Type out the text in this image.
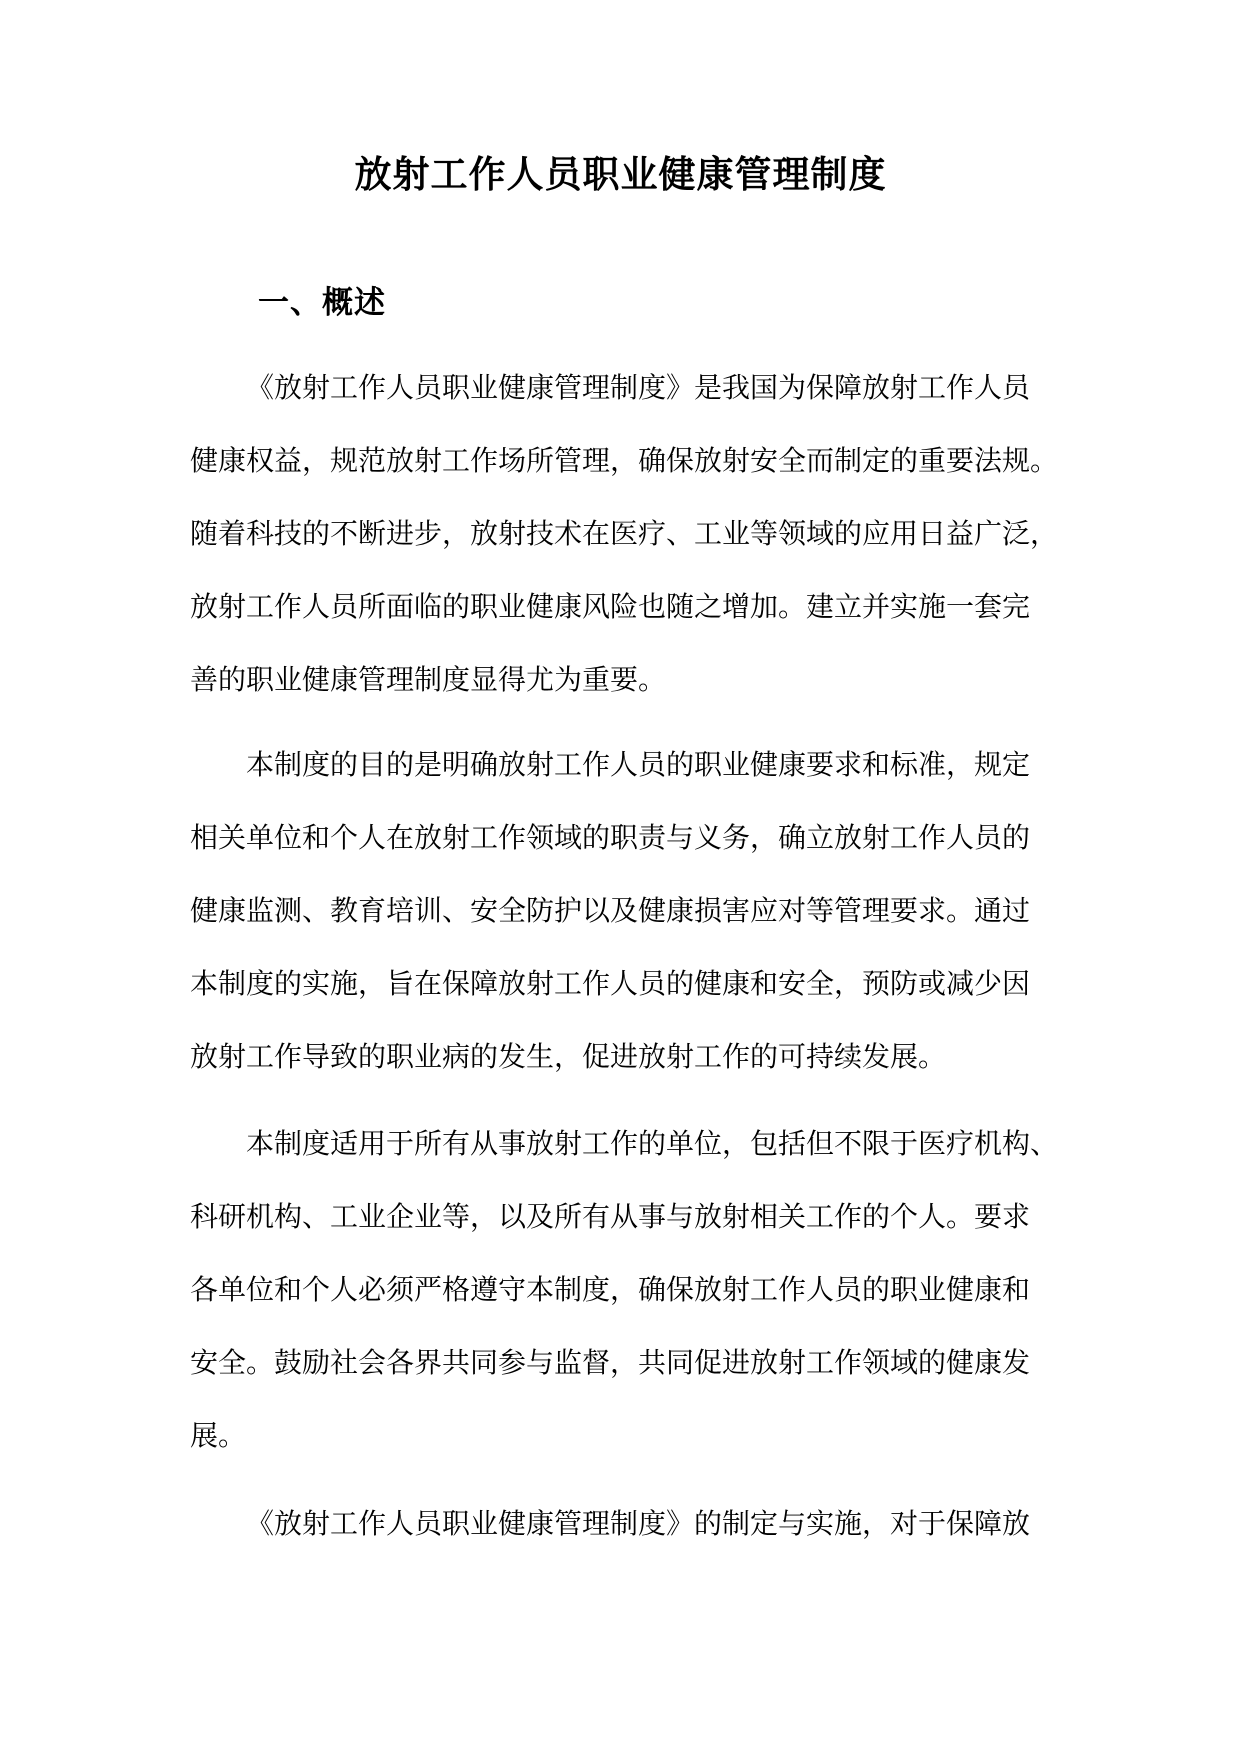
放射工作人员职业健康管理制度
一、概述
《放射工作人员职业健康管理制度》是我国为保障放射工作人员
健康权益，规范放射工作场所管理，确保放射安全而制定的重要法规。
随着科技的不断进步，放射技术在医疗、工业等领域的应用日益广泛，
放射工作人员所面临的职业健康风险也随之增加。建立并实施一套完
善的职业健康管理制度显得尤为重要。
本制度的目的是明确放射工作人员的职业健康要求和标准，规定
相关单位和个人在放射工作领域的职责与义务，确立放射工作人员的
健康监测、教育培训、安全防护以及健康损害应对等管理要求。通过
本制度的实施，旨在保障放射工作人员的健康和安全，预防或减少因
放射工作导致的职业病的发生，促进放射工作的可持续发展。
本制度适用于所有从事放射工作的单位，包括但不限于医疗机构、
科研机构、工业企业等，以及所有从事与放射相关工作的个人。要求
各单位和个人必须严格遵守本制度，确保放射工作人员的职业健康和
安全。鼓励社会各界共同参与监督，共同促进放射工作领域的健康发
展。
《放射工作人员职业健康管理制度》的制定与实施，对于保障放
